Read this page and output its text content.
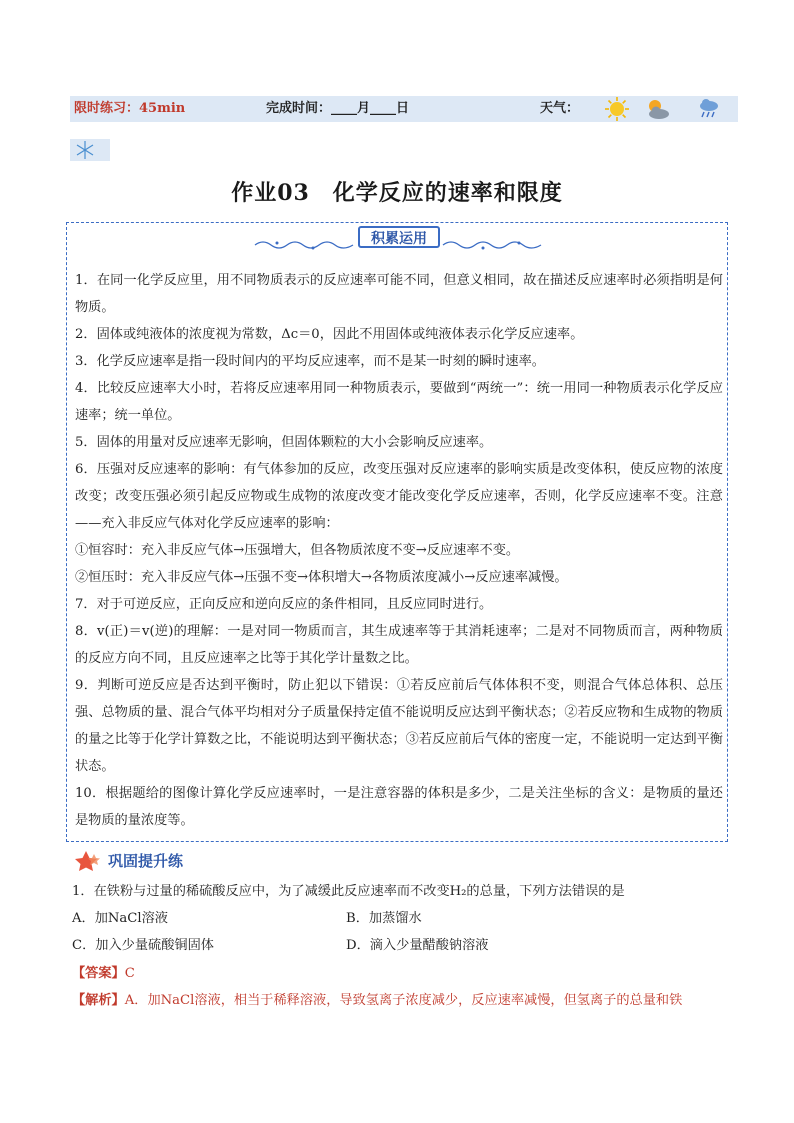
限时练习：45min	完成时间：____月____日	天气：
作业03　化学反应的速率和限度
积累运用

1．在同一化学反应里，用不同物质表示的反应速率可能不同，但意义相同，故在描述反应速率时必须指明是何物质。

2．固体或纯液体的浓度视为常数，Δc＝0，因此不用固体或纯液体表示化学反应速率。

3．化学反应速率是指一段时间内的平均反应速率，而不是某一时刻的瞬时速率。

4．比较反应速率大小时，若将反应速率用同一种物质表示，要做到“两统一”：统一用同一种物质表示化学反应速率；统一单位。

5．固体的用量对反应速率无影响，但固体颗粒的大小会影响反应速率。

6．压强对反应速率的影响：有气体参加的反应，改变压强对反应速率的影响实质是改变体积，使反应物的浓度改变；改变压强必须引起反应物或生成物的浓度改变才能改变化学反应速率，否则，化学反应速率不变。注意——充入非反应气体对化学反应速率的影响：

①恒容时：充入非反应气体→压强增大，但各物质浓度不变→反应速率不变。

②恒压时：充入非反应气体→压强不变→体积增大→各物质浓度减小→反应速率减慢。

7．对于可逆反应，正向反应和逆向反应的条件相同，且反应同时进行。

8．v(正)＝v(逆)的理解：一是对同一物质而言，其生成速率等于其消耗速率；二是对不同物质而言，两种物质的反应方向不同，且反应速率之比等于其化学计量数之比。

9．判断可逆反应是否达到平衡时，防止犯以下错误：①若反应前后气体体积不变，则混合气体总体积、总压强、总物质的量、混合气体平均相对分子质量保持定值不能说明反应达到平衡状态；②若反应物和生成物的物质的量之比等于化学计算数之比，不能说明达到平衡状态；③若反应前后气体的密度一定，不能说明一定达到平衡状态。

10．根据题给的图像计算化学反应速率时，一是注意容器的体积是多少，二是关注坐标的含义：是物质的量还是物质的量浓度等。

巩固提升练
1．在铁粉与过量的稀硫酸反应中，为了减缓此反应速率而不改变H₂的总量，下列方法错误的是
A．加NaCl溶液	B．加蒸馏水
C．加入少量硫酸铜固体	D．滴入少量醋酸钠溶液
【答案】C
【解析】A．加NaCl溶液，相当于稀释溶液，导致氢离子浓度减少，反应速率减慢，但氢离子的总量和铁
